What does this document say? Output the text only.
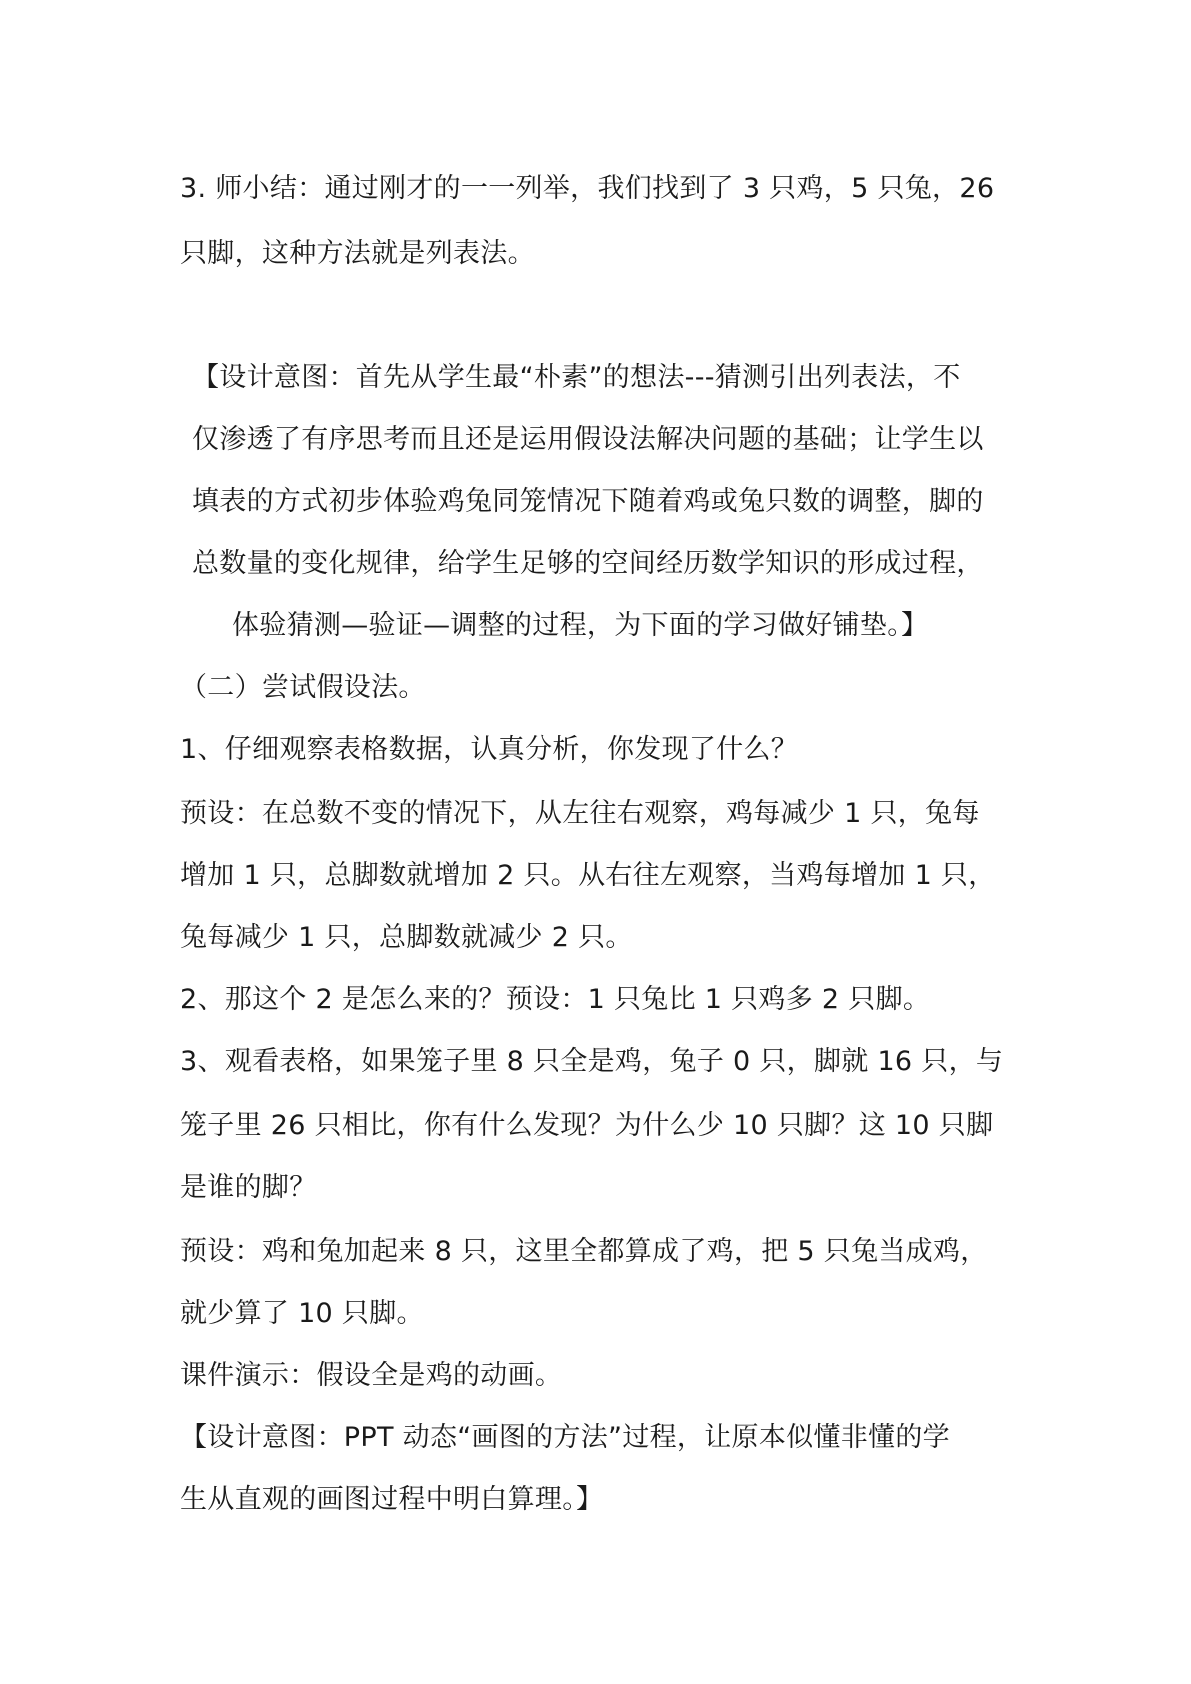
3. 师小结：通过刚才的一一列举，我们找到了 3 只鸡，5 只兔，26
只脚，这种方法就是列表法。
【设计意图：首先从学生最“朴素”的想法---猜测引出列表法，不
仅渗透了有序思考而且还是运用假设法解决问题的基础；让学生以
填表的方式初步体验鸡兔同笼情况下随着鸡或兔只数的调整，脚的
总数量的变化规律，给学生足够的空间经历数学知识的形成过程，
体验猜测—验证—调整的过程，为下面的学习做好铺垫。】
（二）尝试假设法。
1、仔细观察表格数据，认真分析，你发现了什么？
预设：在总数不变的情况下，从左往右观察，鸡每减少 1 只，兔每
增加 1 只，总脚数就增加 2 只。从右往左观察，当鸡每增加 1 只，
兔每减少 1 只，总脚数就减少 2 只。
2、那这个 2 是怎么来的？预设：1 只兔比 1 只鸡多 2 只脚。
3、观看表格，如果笼子里 8 只全是鸡，兔子 0 只，脚就 16 只，与
笼子里 26 只相比，你有什么发现？为什么少 10 只脚？这 10 只脚
是谁的脚？
预设：鸡和兔加起来 8 只，这里全都算成了鸡，把 5 只兔当成鸡，
就少算了 10 只脚。
课件演示：假设全是鸡的动画。
【设计意图：PPT 动态“画图的方法”过程，让原本似懂非懂的学
生从直观的画图过程中明白算理。】
